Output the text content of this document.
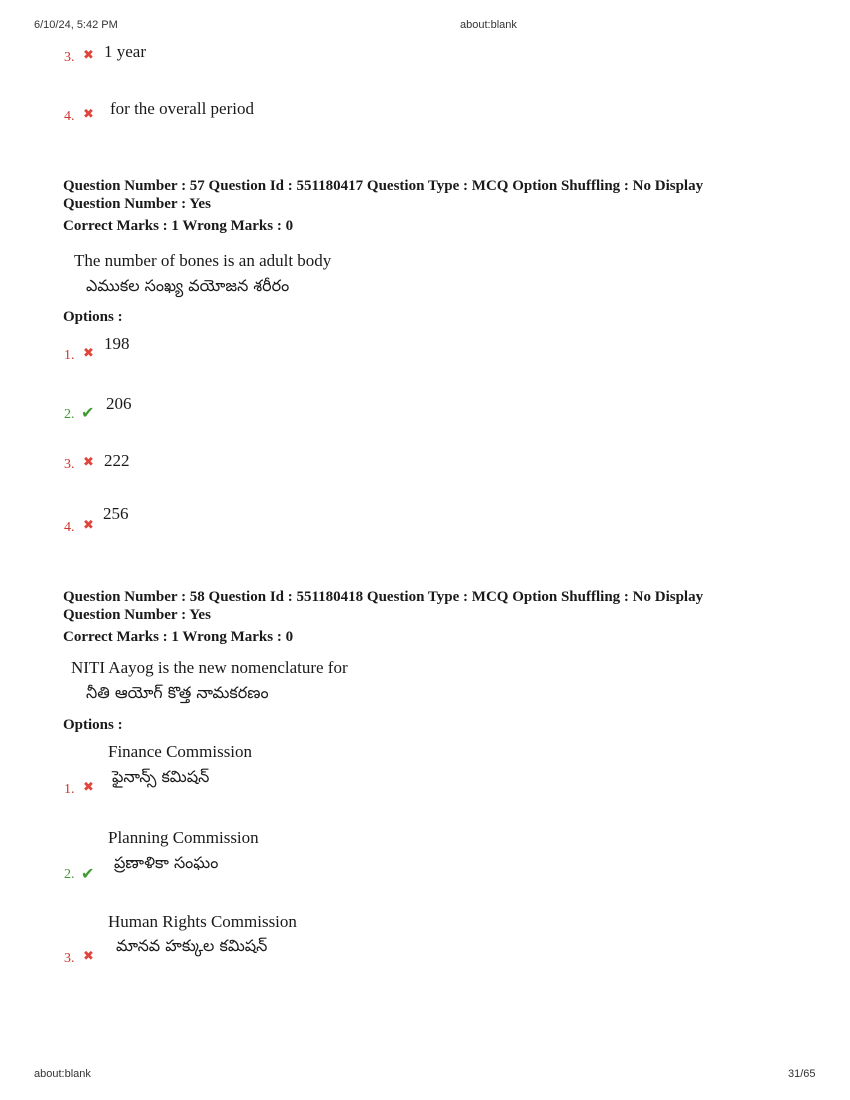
6/10/24, 5:42 PM	about:blank
3. ✖ 1 year
4. ✖ for the overall period
Question Number : 57 Question Id : 551180417 Question Type : MCQ Option Shuffling : No Display
Question Number : Yes
Correct Marks : 1 Wrong Marks : 0
The number of bones is an adult body
ఎముకల సంఖ్య వయోజన శరీరం
Options :
1. ✖
198
2. ✔ 206
3. ✖ 222
4. ✖
256
Question Number : 58 Question Id : 551180418 Question Type : MCQ Option Shuffling : No Display
Question Number : Yes
Correct Marks : 1 Wrong Marks : 0
NITI Aayog is the new nomenclature for
నీతి ఆయోగ్ కొత్త నామకరణం
Options :
Finance Commission
ఫైనాన్స్ కమిషన్
1. ✖
Planning Commission
ప్రణాళికా సంఘం
2. ✔
Human Rights Commission
మానవ హక్కుల కమిషన్
3. ✖
about:blank	31/65
